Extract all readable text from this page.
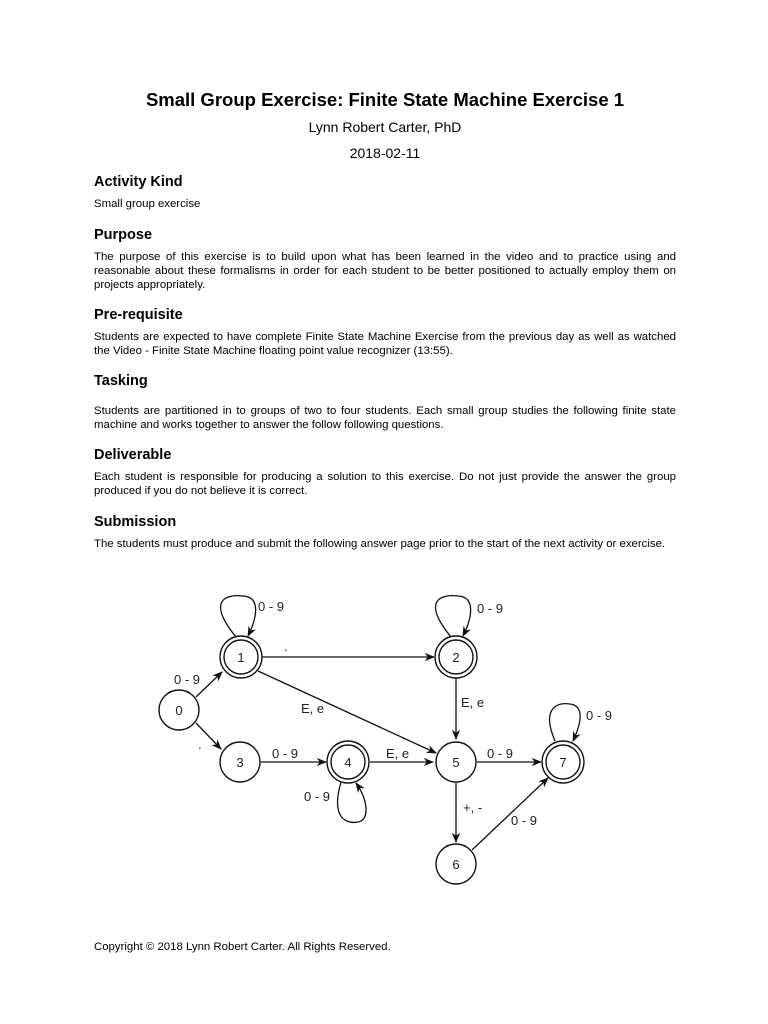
Small Group Exercise: Finite State Machine Exercise 1
Lynn Robert Carter, PhD
2018-02-11
Activity Kind

Small group exercise

Purpose

The purpose of this exercise is to build upon what has been learned in the video and to practice using and reasonable about these formalisms in order for each student to be better positioned to actually employ them on projects appropriately.

Pre-requisite

Students are expected to have complete Finite State Machine Exercise from the previous day as well as watched the Video - Finite State Machine floating point value recognizer (13:55).

Tasking

Students are partitioned in to groups of two to four students. Each small group studies the following finite state machine and works together to answer the follow following questions.

Deliverable

Each student is responsible for producing a solution to this exercise. Do not just provide the answer the group produced if you do not believe it is correct.

Submission

The students must produce and submit the following answer page prior to the start of the next activity or exercise.

0 - 9
.
0 - 9
.
E, e
0 - 9
E, e
0 - 9
0 - 9
E, e	0 - 9
+, -
0 - 9
0 - 9
0
1	2
3	4	5
6
7
Copyright © 2018 Lynn Robert Carter. All Rights Reserved.
